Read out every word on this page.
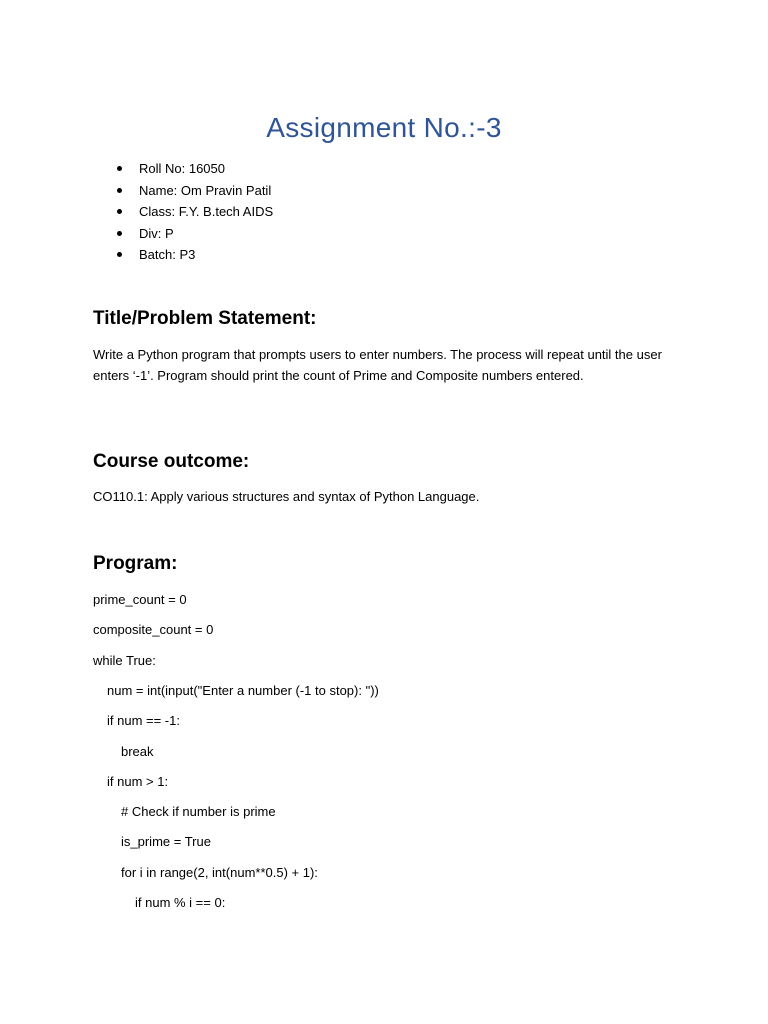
Assignment No.:-3
Roll No: 16050
Name: Om Pravin Patil
Class: F.Y. B.tech AIDS
Div: P
Batch: P3
Title/Problem Statement:
Write a Python program that prompts users to enter numbers. The process will repeat until the user enters ‘-1’. Program should print the count of Prime and Composite numbers entered.
Course outcome:
CO110.1: Apply various structures and syntax of Python Language.
Program:
prime_count = 0
composite_count = 0
while True:
num = int(input("Enter a number (-1 to stop): "))
if num == -1:
break
if num > 1:
# Check if number is prime
is_prime = True
for i in range(2, int(num**0.5) + 1):
if num % i == 0:
